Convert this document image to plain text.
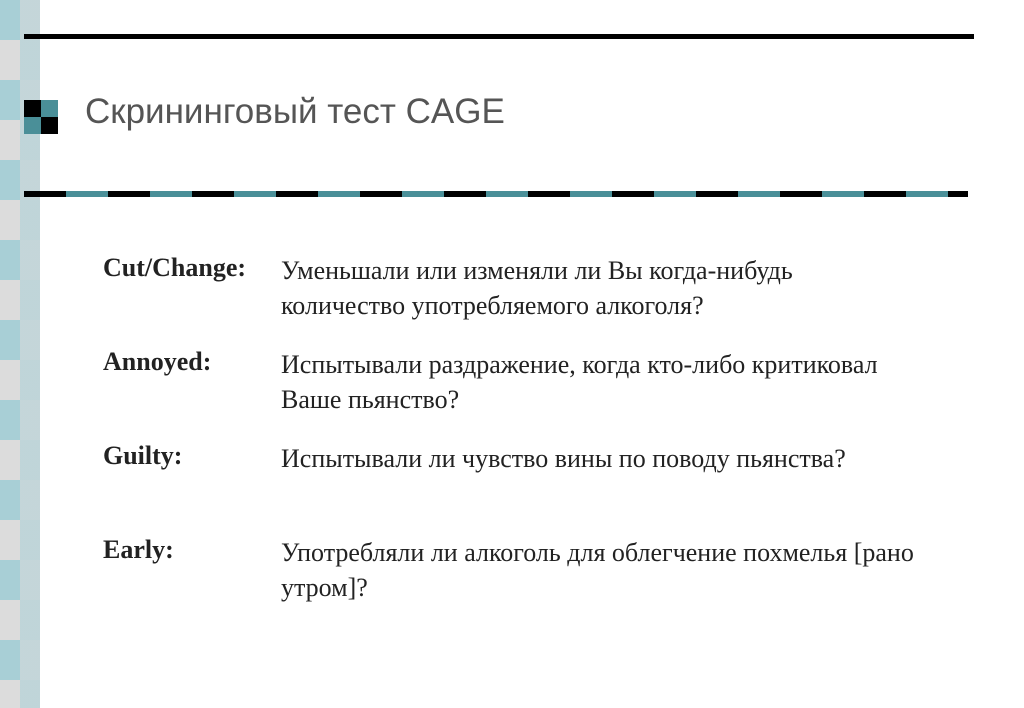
Скрининговый тест CAGE
Cut/Change: Уменьшали или изменяли ли Вы когда-нибудь количество употребляемого алкоголя?
Annoyed:	Испытывали раздражение, когда кто-либо критиковал Ваше пьянство?
Guilty:	Испытывали ли чувство вины по поводу пьянства?
Early:	Употребляли ли алкоголь для облегчение похмелья [рано утром]?
